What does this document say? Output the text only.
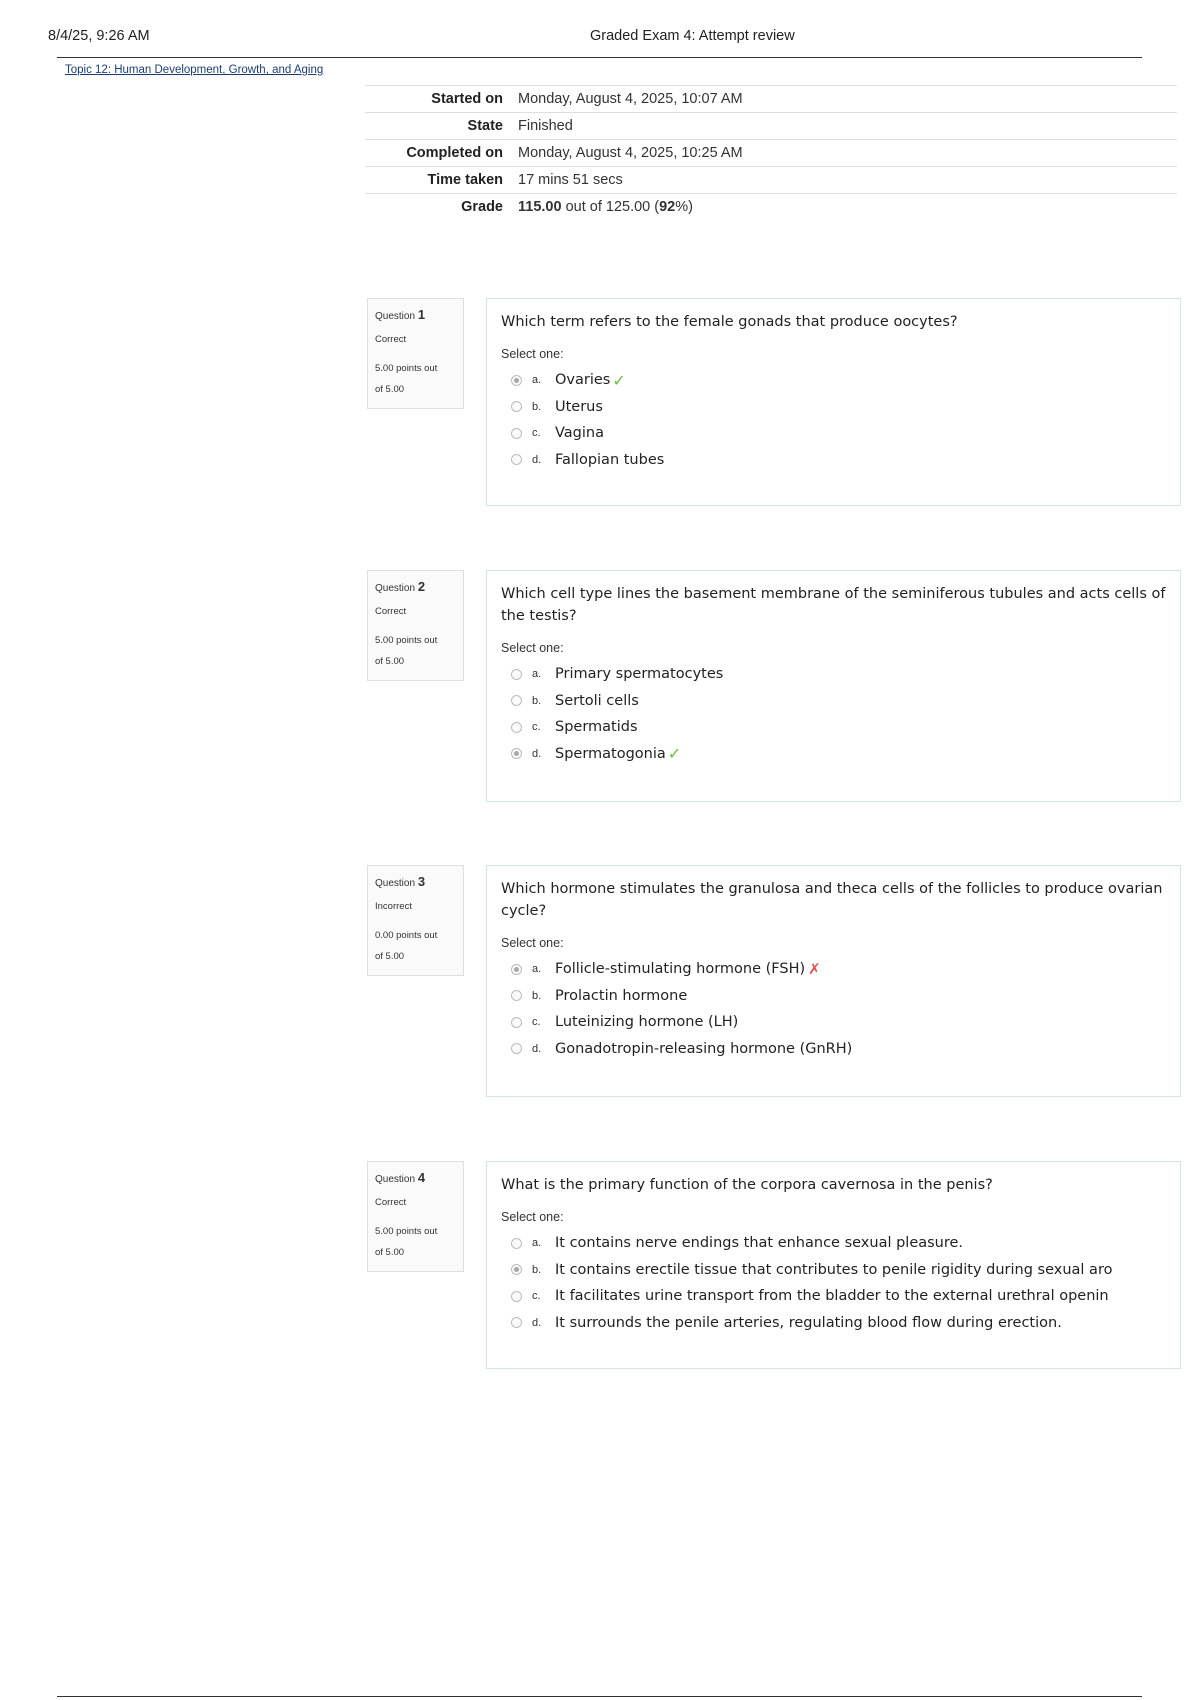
8/4/25, 9:26 AM	Graded Exam 4: Attempt review
Topic 12: Human Development, Growth, and Aging
Started on	Monday, August 4, 2025, 10:07 AM
State	Finished
Completed on	Monday, August 4, 2025, 10:25 AM
Time taken	17 mins 51 secs
Grade	115.00 out of 125.00 (92%)
Question 1
Correct
5.00 points out
of 5.00
Which term refers to the female gonads that produce oocytes?
Select one:
a. Ovaries ✓
b. Uterus
c. Vagina
d. Fallopian tubes
Question 2
Correct
5.00 points out
of 5.00
Which cell type lines the basement membrane of the seminiferous tubules and acts cells of the testis?
Select one:
a. Primary spermatocytes
b. Sertoli cells
c. Spermatids
d. Spermatogonia ✓
Question 3
Incorrect
0.00 points out
of 5.00
Which hormone stimulates the granulosa and theca cells of the follicles to produce ovarian cycle?
Select one:
a. Follicle-stimulating hormone (FSH) ✗
b. Prolactin hormone
c. Luteinizing hormone (LH)
d. Gonadotropin-releasing hormone (GnRH)
Question 4
Correct
5.00 points out
of 5.00
What is the primary function of the corpora cavernosa in the penis?
Select one:
a. It contains nerve endings that enhance sexual pleasure.
b. It contains erectile tissue that contributes to penile rigidity during sexual aro
c. It facilitates urine transport from the bladder to the external urethral openin
d. It surrounds the penile arteries, regulating blood flow during erection.
